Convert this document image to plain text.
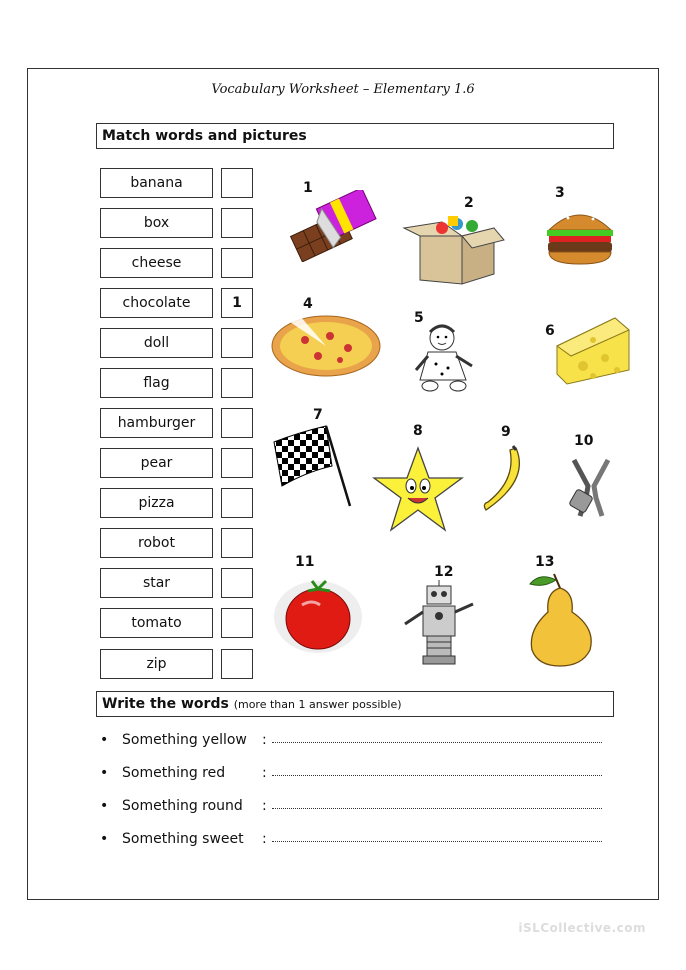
Vocabulary Worksheet – Elementary 1.6
Match words and pictures
banana
box
cheese
chocolate	1
doll
flag
hamburger
pear
pizza
robot
star
tomato
zip
1
2
3
4
5
6
7
8	9
10
11
12
13
Write the words (more than 1 answer possible)
• Something yellow :
• Something red	:
• Something round :
• Something sweet :
iSLCollective.com
